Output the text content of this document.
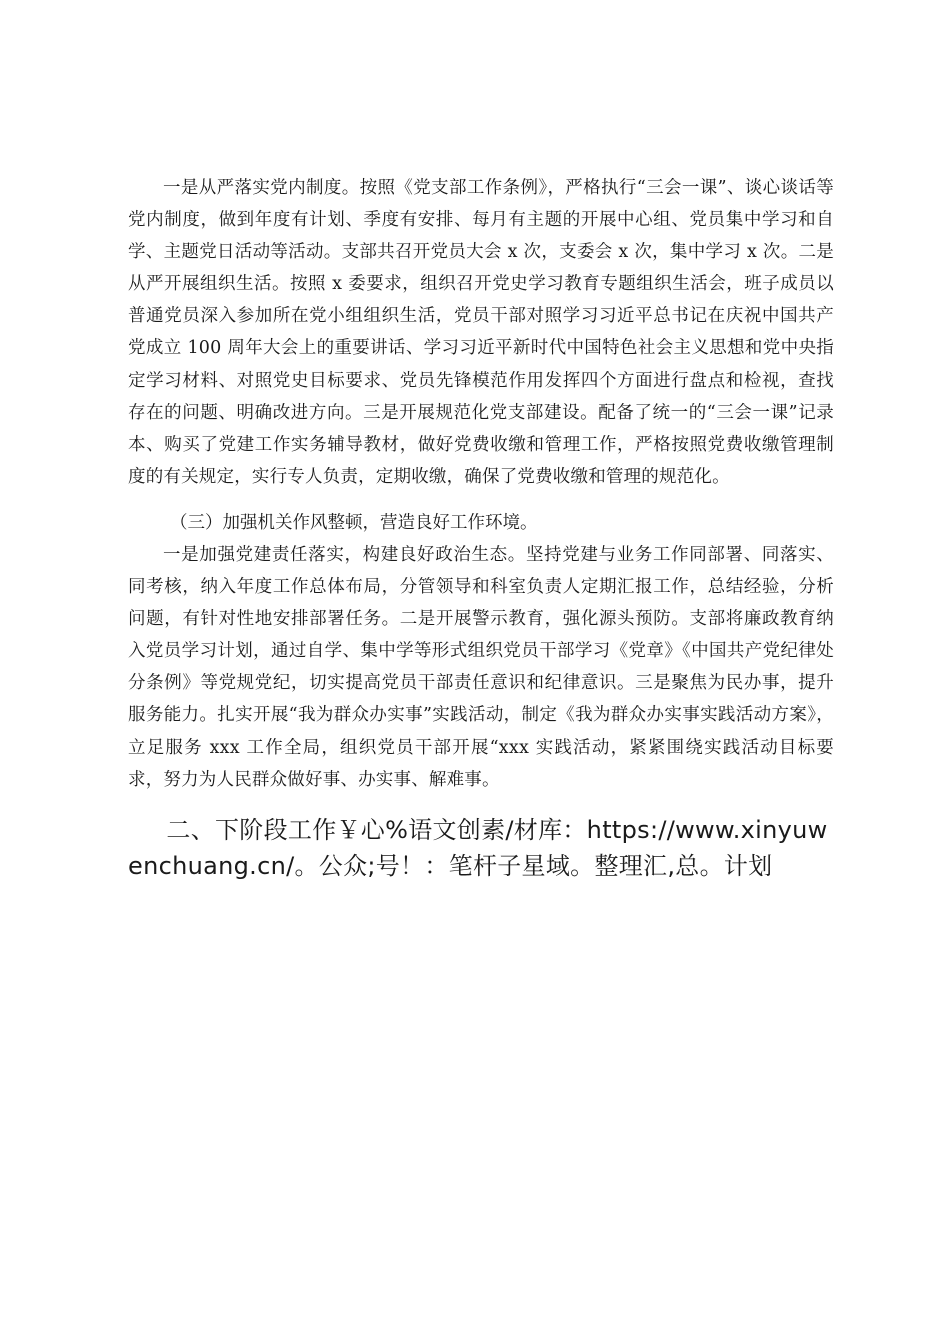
一是从严落实党内制度。按照《党支部工作条例》，严格执行“三会一课”、谈心谈话等党内制度，做到年度有计划、季度有安排、每月有主题的开展中心组、党员集中学习和自学、主题党日活动等活动。支部共召开党员大会 x 次，支委会 x 次，集中学习 x 次。二是从严开展组织生活。按照 x 委要求，组织召开党史学习教育专题组织生活会，班子成员以普通党员深入参加所在党小组组织生活，党员干部对照学习习近平总书记在庆祝中国共产党成立 100 周年大会上的重要讲话、学习习近平新时代中国特色社会主义思想和党中央指定学习材料、对照党史目标要求、党员先锋模范作用发挥四个方面进行盘点和检视，查找存在的问题、明确改进方向。三是开展规范化党支部建设。配备了统一的“三会一课”记录本、购买了党建工作实务辅导教材，做好党费收缴和管理工作，严格按照党费收缴管理制度的有关规定，实行专人负责，定期收缴，确保了党费收缴和管理的规范化。

（三）加强机关作风整顿，营造良好工作环境。

一是加强党建责任落实，构建良好政治生态。坚持党建与业务工作同部署、同落实、同考核，纳入年度工作总体布局，分管领导和科室负责人定期汇报工作，总结经验，分析问题，有针对性地安排部署任务。二是开展警示教育，强化源头预防。支部将廉政教育纳入党员学习计划，通过自学、集中学等形式组织党员干部学习《党章》《中国共产党纪律处分条例》等党规党纪，切实提高党员干部责任意识和纪律意识。三是聚焦为民办事，提升服务能力。扎实开展“我为群众办实事”实践活动，制定《我为群众办实事实践活动方案》，立足服务 xxx 工作全局，组织党员干部开展“xxx 实践活动，紧紧围绕实践活动目标要求，努力为人民群众做好事、办实事、解难事。

二、下阶段工作￥心%语文创素/材库：https://www.xinyuwenchuang.cn/。公众;号！：笔杆子星域。整理汇,总。计划
